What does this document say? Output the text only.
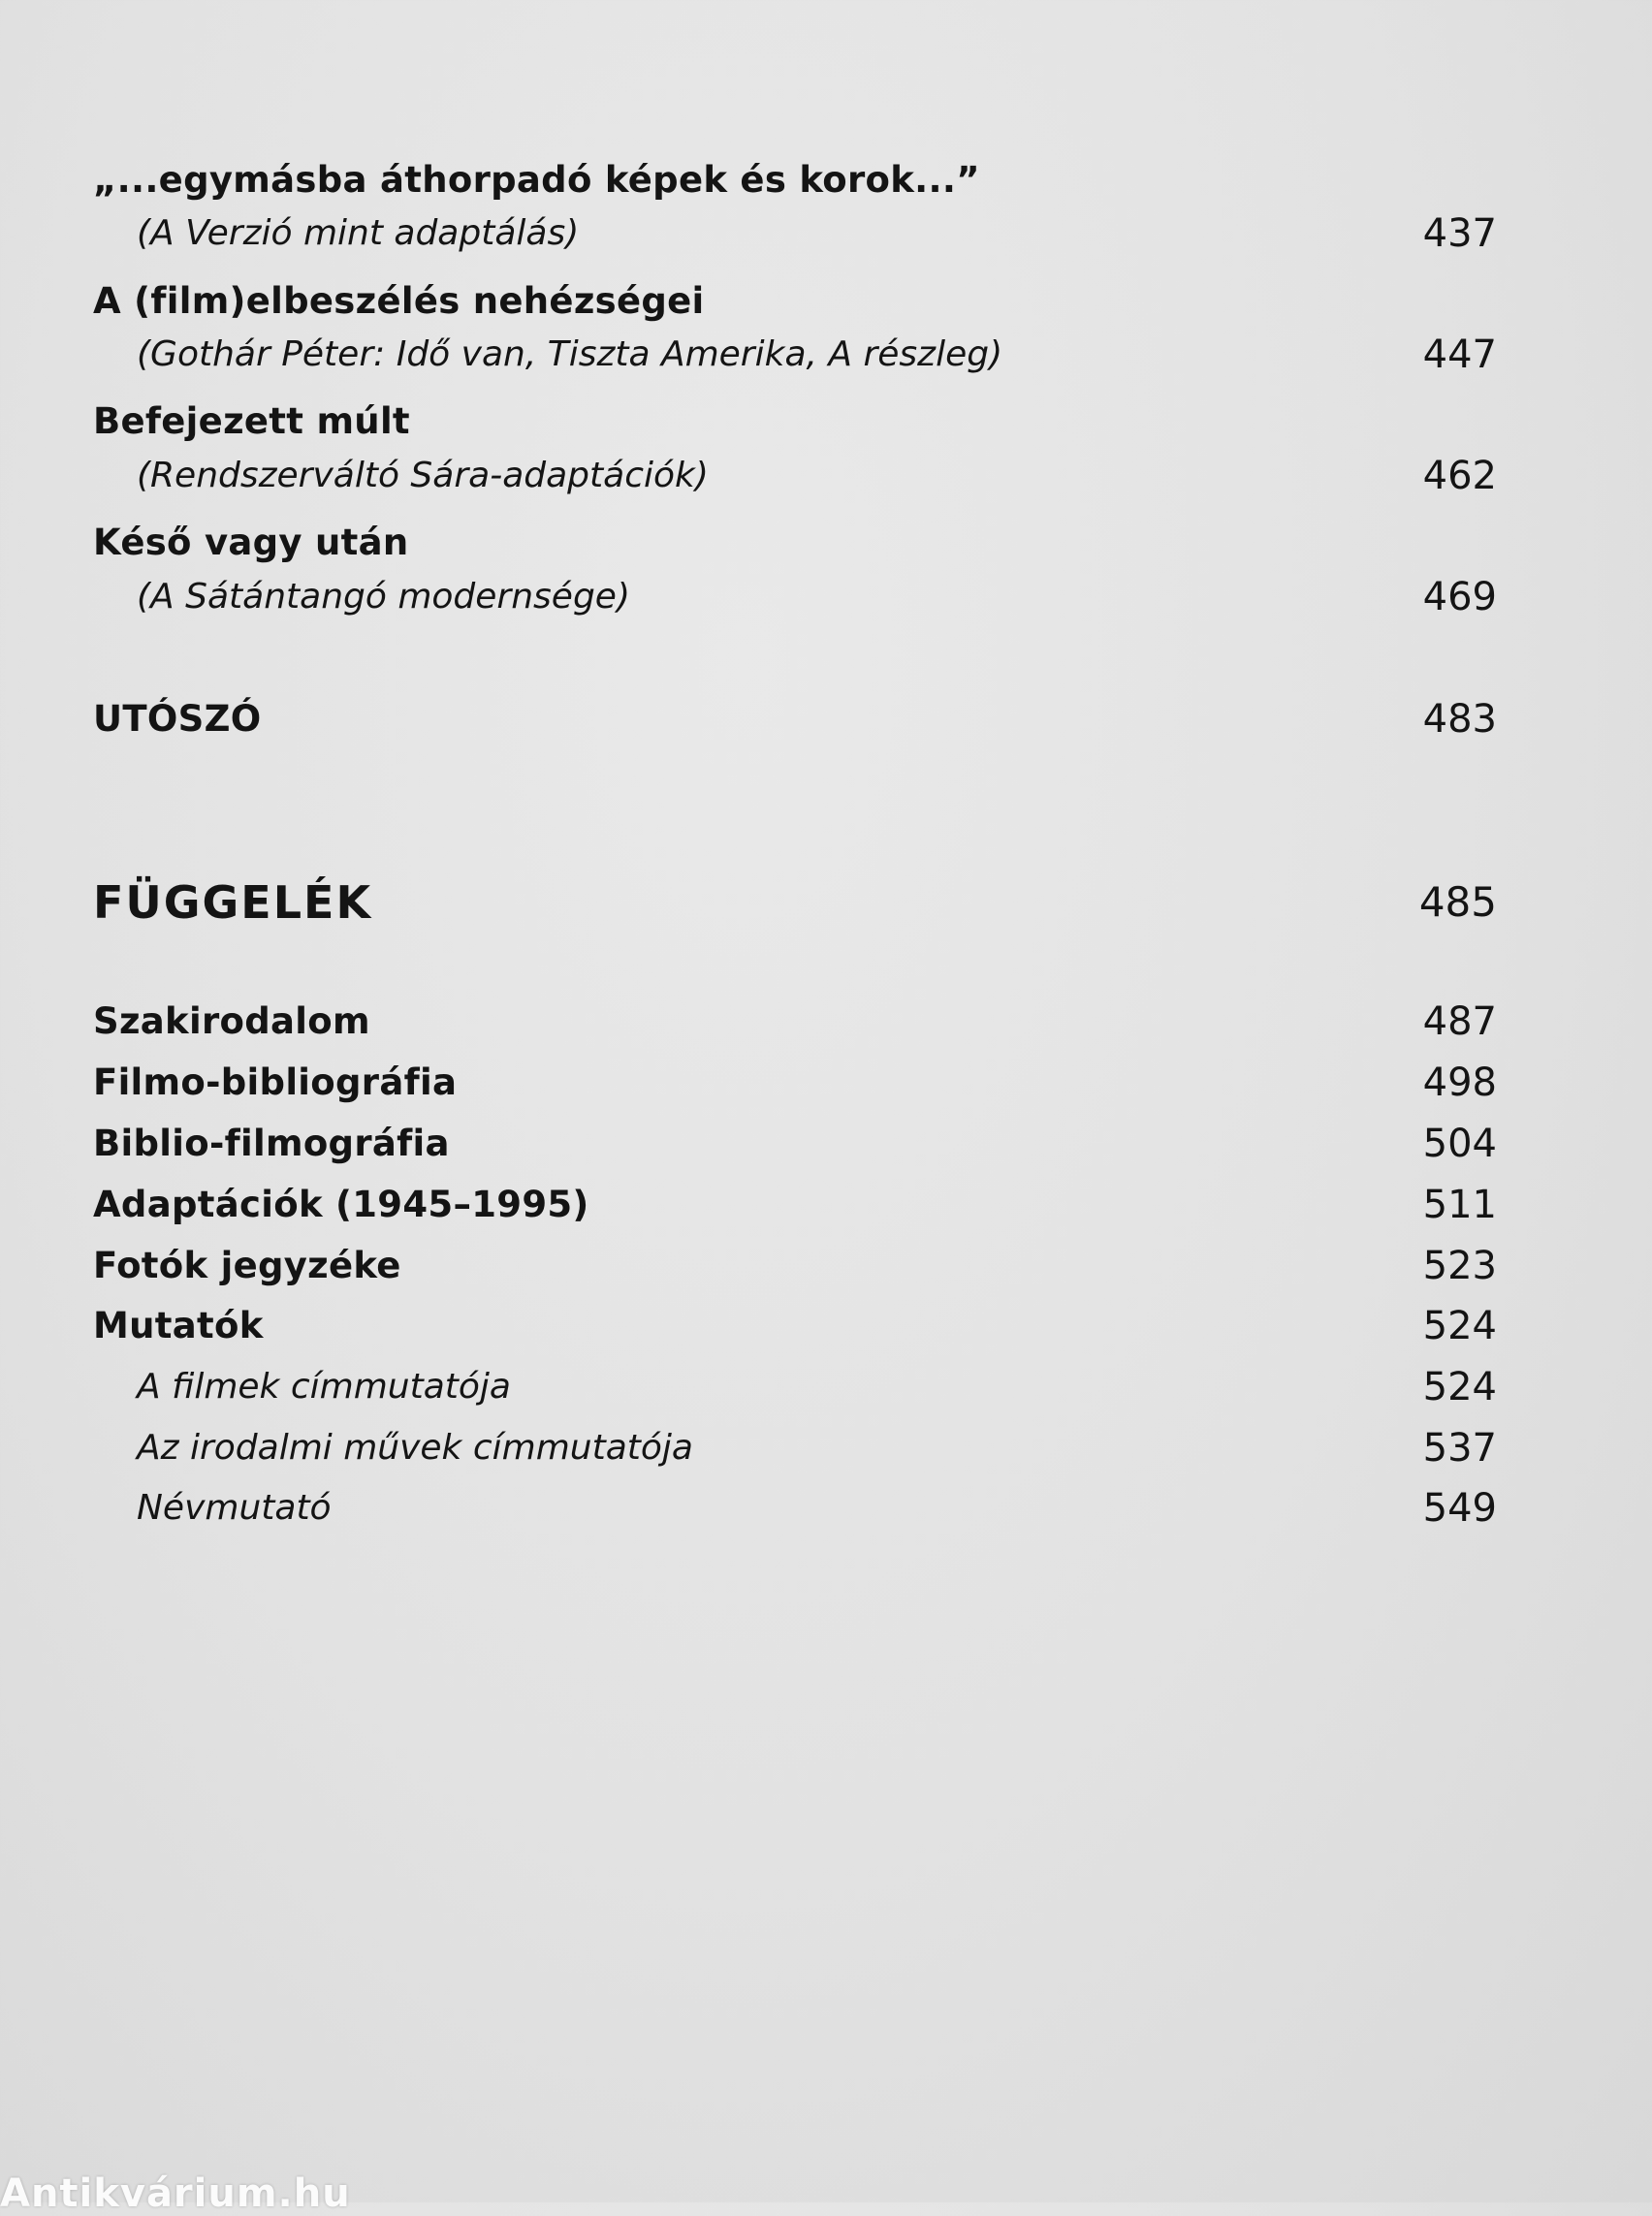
„...egymásba áthorpadó képek és korok...”
(A Verzió mint adaptálás)	437
A (film)elbeszélés nehézségei
(Gothár Péter: Idő van, Tiszta Amerika, A részleg)	447
Befejezett múlt
(Rendszerváltó Sára-adaptációk)	462
Késő vagy után
(A Sátántangó modernsége)	469
UTÓSZÓ	483
FÜGGELÉK	485
Szakirodalom	487
Filmo-bibliográfia	498
Biblio-filmográfia	504
Adaptációk (1945–1995)	511
Fotók jegyzéke	523
Mutatók	524
A filmek címmutatója	524
Az irodalmi művek címmutatója	537
Névmutató	549
Antikvárium.hu
